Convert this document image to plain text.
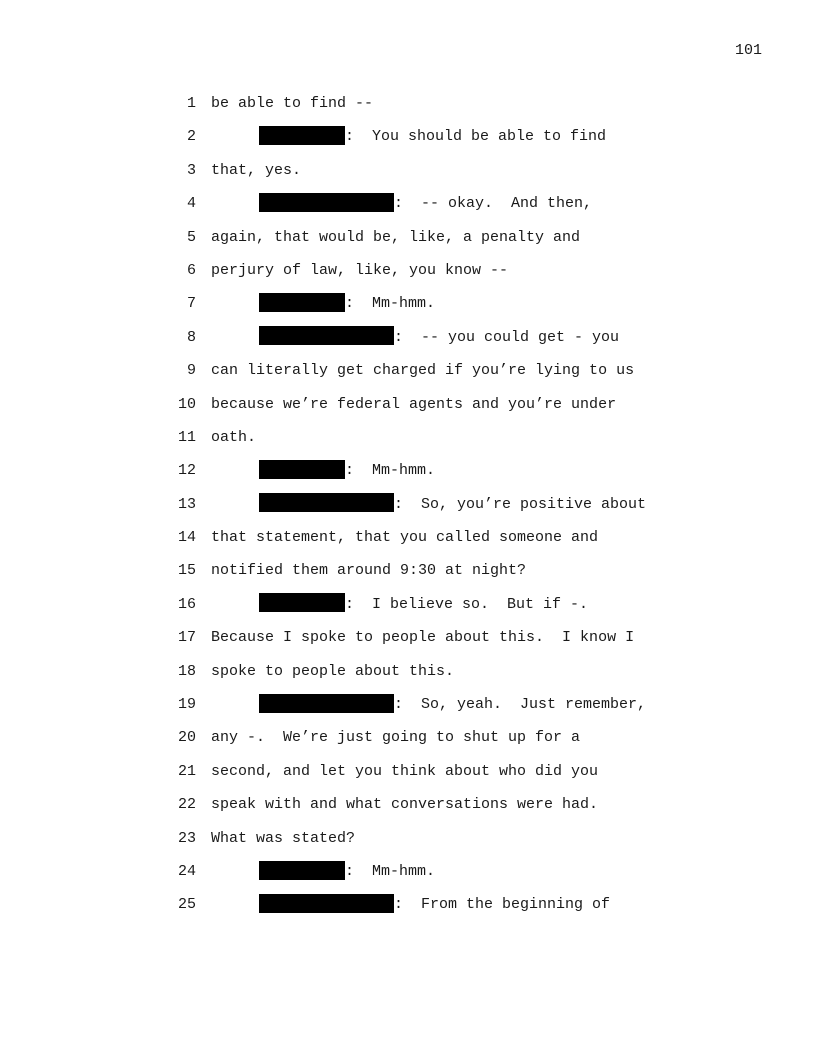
101
1 be able to find --
2	:  You should be able to find
3 that, yes.
4	:  -- okay.  And then,
5 again, that would be, like, a penalty and
6 perjury of law, like, you know --
7	:  Mm-hmm.
8	:  -- you could get - you
9 can literally get charged if you’re lying to us
10 because we’re federal agents and you’re under
11 oath.
12	:  Mm-hmm.
13	:  So, you’re positive about
14 that statement, that you called someone and
15 notified them around 9:30 at night?
16	:  I believe so.  But if -.
17 Because I spoke to people about this.  I know I
18 spoke to people about this.
19	:  So, yeah.  Just remember,
20 any -.  We’re just going to shut up for a
21 second, and let you think about who did you
22 speak with and what conversations were had.
23 What was stated?
24	:  Mm-hmm.
25	:  From the beginning of
